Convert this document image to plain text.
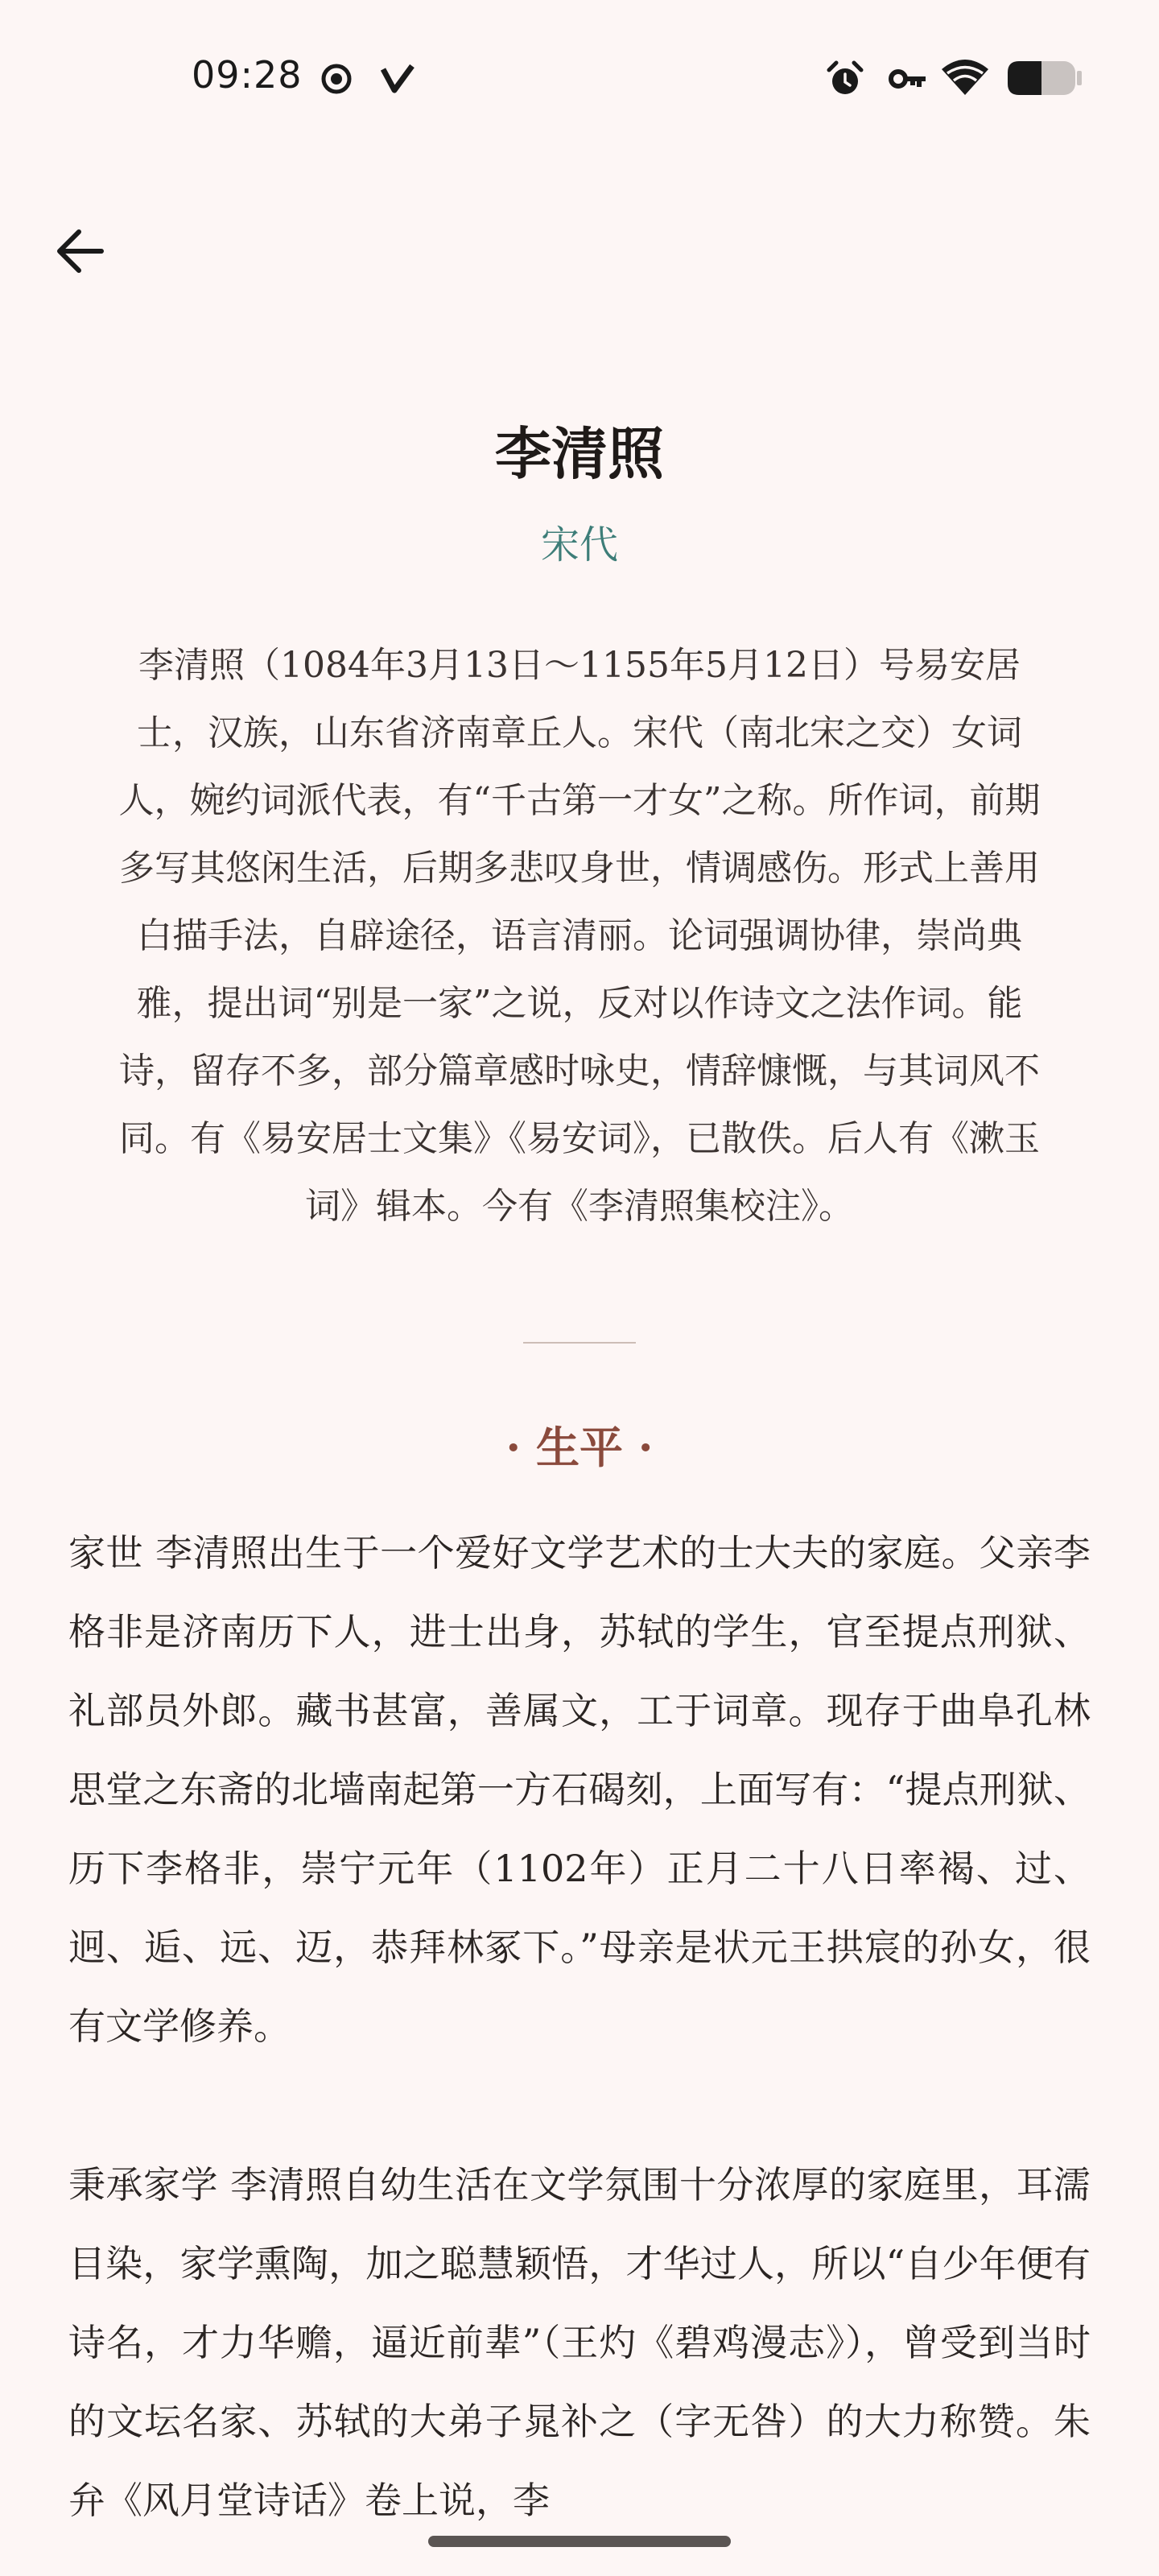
09:28
李清照
宋代
李清照（1084年3月13日～1155年5月12日）号易安居士，汉族，山东省济南章丘人。宋代（南北宋之交）女词人，婉约词派代表，有“千古第一才女”之称。所作词，前期多写其悠闲生活，后期多悲叹身世，情调感伤。形式上善用白描手法，自辟途径，语言清丽。论词强调协律，崇尚典雅，提出词“别是一家”之说，反对以作诗文之法作词。能诗，留存不多，部分篇章感时咏史，情辞慷慨，与其词风不同。有《易安居士文集》《易安词》，已散佚。后人有《漱玉词》辑本。今有《李清照集校注》。
· 生平 ·
家世 李清照出生于一个爱好文学艺术的士大夫的家庭。父亲李格非是济南历下人，进士出身，苏轼的学生，官至提点刑狱、礼部员外郎。藏书甚富，善属文，工于词章。现存于曲阜孔林思堂之东斋的北墙南起第一方石碣刻，上面写有：“提点刑狱、历下李格非，崇宁元年（1102年）正月二十八日率褐、过、迥、逅、远、迈，恭拜林冢下。”母亲是状元王拱宸的孙女，很有文学修养。
秉承家学 李清照自幼生活在文学氛围十分浓厚的家庭里，耳濡目染，家学熏陶，加之聪慧颖悟，才华过人，所以“自少年便有诗名，才力华赡，逼近前辈”（王灼《碧鸡漫志》），曾受到当时的文坛名家、苏轼的大弟子晁补之（字无咎）的大力称赞。朱弁《风月堂诗话》卷上说，李
